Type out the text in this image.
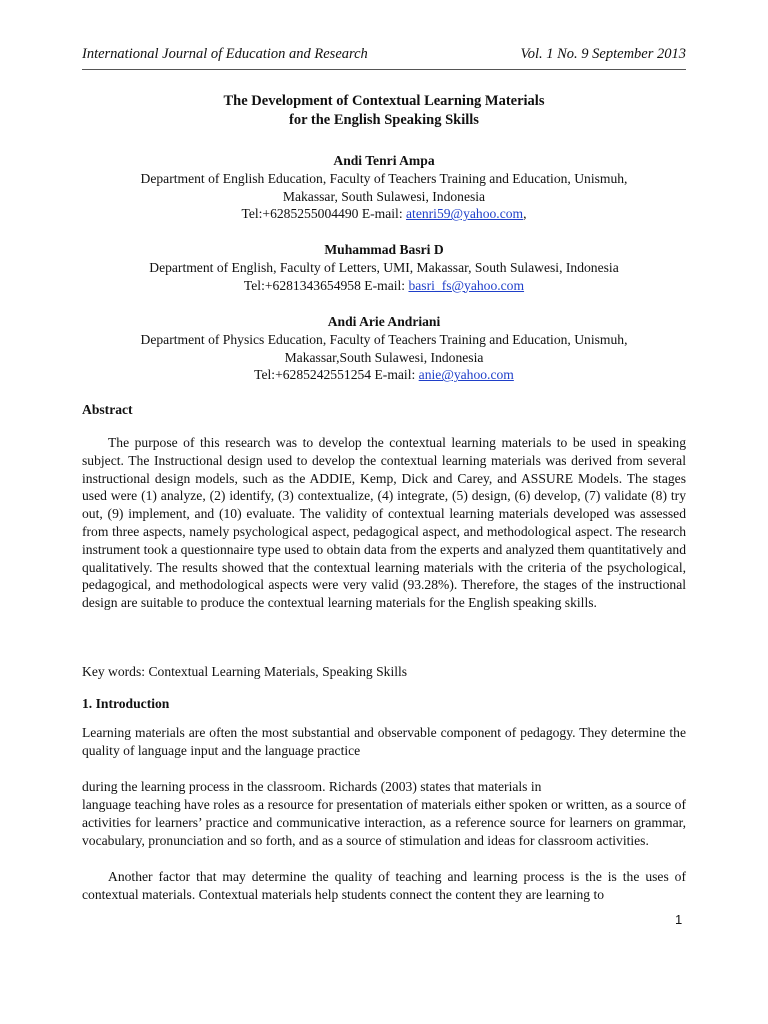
International Journal of Education and Research	Vol. 1 No. 9 September 2013
The Development of Contextual Learning Materials
for the English Speaking Skills
Andi Tenri Ampa
Department of English Education, Faculty of Teachers Training and Education, Unismuh,
Makassar, South Sulawesi, Indonesia
Tel:+6285255004490 E-mail: atenri59@yahoo.com,
Muhammad Basri D
Department of English, Faculty of Letters, UMI, Makassar, South Sulawesi, Indonesia
Tel:+6281343654958 E-mail: basri_fs@yahoo.com
Andi Arie Andriani
Department of Physics Education, Faculty of Teachers Training and Education, Unismuh,
Makassar,South Sulawesi, Indonesia
Tel:+6285242551254 E-mail: anie@yahoo.com
Abstract

The purpose of this research was to develop the contextual learning materials to be used in speaking subject. The Instructional design used to develop the contextual learning materials was derived from several instructional design models, such as the ADDIE, Kemp, Dick and Carey, and ASSURE Models. The stages used were (1) analyze, (2) identify, (3) contextualize, (4) integrate, (5) design, (6) develop, (7) validate (8) try out, (9) implement, and (10) evaluate. The validity of contextual learning materials developed was assessed from three aspects, namely psychological aspect, pedagogical aspect, and methodological aspect. The research instrument took a questionnaire type used to obtain data from the experts and analyzed them quantitatively and qualitatively. The results showed that the contextual learning materials with the criteria of the psychological, pedagogical, and methodological aspects were very valid (93.28%). Therefore, the stages of the instructional design are suitable to produce the contextual learning materials for the English speaking skills.

Key words: Contextual Learning Materials, Speaking Skills
1. Introduction

Learning materials are often the most substantial and observable component of pedagogy. They determine the quality of language input and the language practice

during the learning process in the classroom. Richards (2003) states that materials in

language teaching have roles as a resource for presentation of materials either spoken or written, as a source of activities for learners’ practice and communicative interaction, as a reference source for learners on grammar, vocabulary, pronunciation and so forth, and as a source of stimulation and ideas for classroom activities.

Another factor that may determine the quality of teaching and learning process is the is the uses of contextual materials. Contextual materials help students connect the content they are learning to

1
